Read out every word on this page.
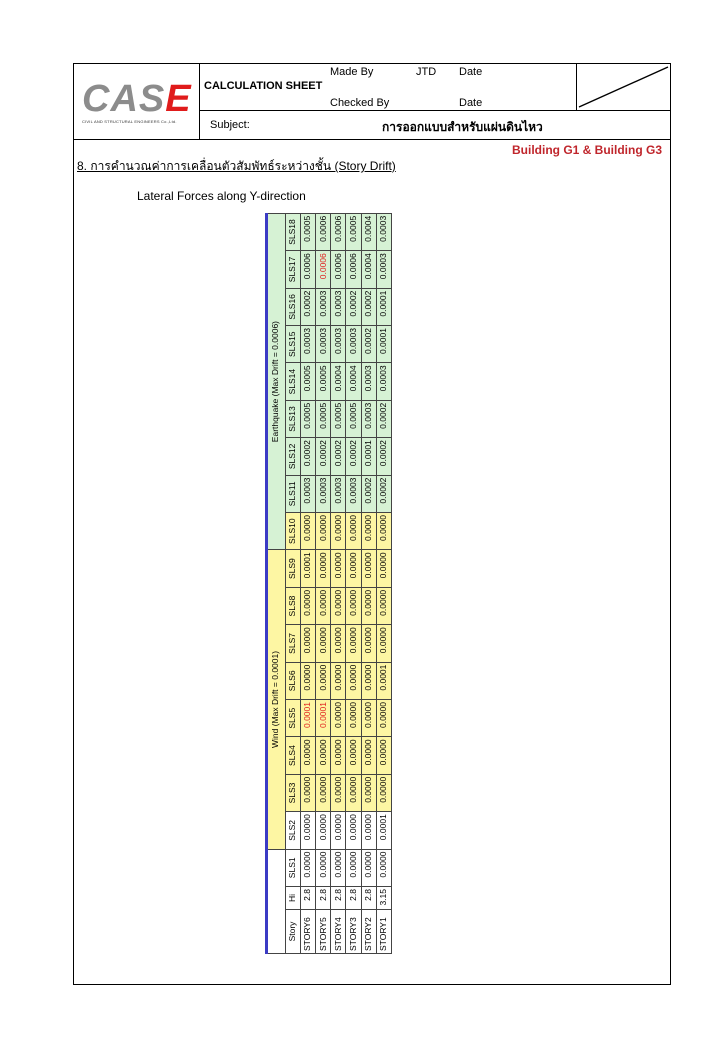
CASE
CIVIL AND STRUCTURAL ENGINEERS Co.,Ltd.
CALCULATION SHEET
Made By	JTD Date
Checked By	Date
Subject:	การออกแบบสำหรับแผ่นดินไหว
Building G1 & Building G3
8. การคำนวณค่าการเคลื่อนตัวสัมพัทธ์ระหว่างชั้น (Story Drift)
Lateral Forces along Y-direction
			Wind (Max Drift = 0.0001)								Earthquake (Max Drift = 0.0006)								
Story	Hi	SLS1	SLS2	SLS3	SLS4	SLS5	SLS6	SLS7	SLS8	SLS9	SLS10	SLS11	SLS12	SLS13	SLS14	SLS15	SLS16	SLS17	SLS18
STORY6	2.8	0.0000	0.0000	0.0000	0.0000	0.0001	0.0000	0.0000	0.0000	0.0001	0.0000	0.0003	0.0002	0.0005	0.0005	0.0003	0.0002	0.0006	0.0005
STORY5	2.8	0.0000	0.0000	0.0000	0.0000	0.0001	0.0000	0.0000	0.0000	0.0000	0.0000	0.0003	0.0002	0.0005	0.0005	0.0003	0.0003	0.0006	0.0006
STORY4	2.8	0.0000	0.0000	0.0000	0.0000	0.0000	0.0000	0.0000	0.0000	0.0000	0.0000	0.0003	0.0002	0.0005	0.0004	0.0003	0.0003	0.0006	0.0006
STORY3	2.8	0.0000	0.0000	0.0000	0.0000	0.0000	0.0000	0.0000	0.0000	0.0000	0.0000	0.0003	0.0002	0.0005	0.0004	0.0003	0.0002	0.0006	0.0005
STORY2	2.8	0.0000	0.0000	0.0000	0.0000	0.0000	0.0000	0.0000	0.0000	0.0000	0.0000	0.0002	0.0001	0.0003	0.0003	0.0002	0.0002	0.0004	0.0004
STORY1	3.15	0.0000	0.0001	0.0000	0.0000	0.0000	0.0001	0.0000	0.0000	0.0000	0.0000	0.0002	0.0002	0.0002	0.0003	0.0001	0.0001	0.0003	0.0003
